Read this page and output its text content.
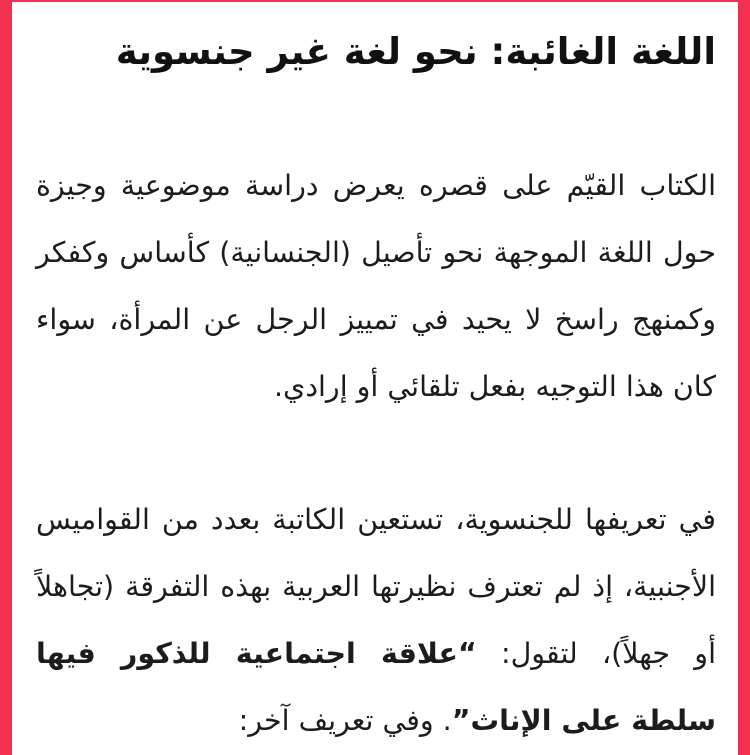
اللغة الغائبة: نحو لغة غير جنسوية

الكتاب القيّم على قصره يعرض دراسة موضوعية وجيزة حول اللغة الموجهة نحو تأصيل (الجنسانية) كأساس وكفكر وكمنهج راسخ لا يحيد في تمييز الرجل عن المرأة، سواء كان هذا التوجيه بفعل تلقائي أو إرادي.

في تعريفها للجنسوية، تستعين الكاتبة بعدد من القواميس الأجنبية، إذ لم تعترف نظيرتها العربية بهذه التفرقة (تجاهلاً أو جهلاً)، لتقول: “علاقة اجتماعية للذكور فيها سلطة على الإناث”. وفي تعريف آخر:
